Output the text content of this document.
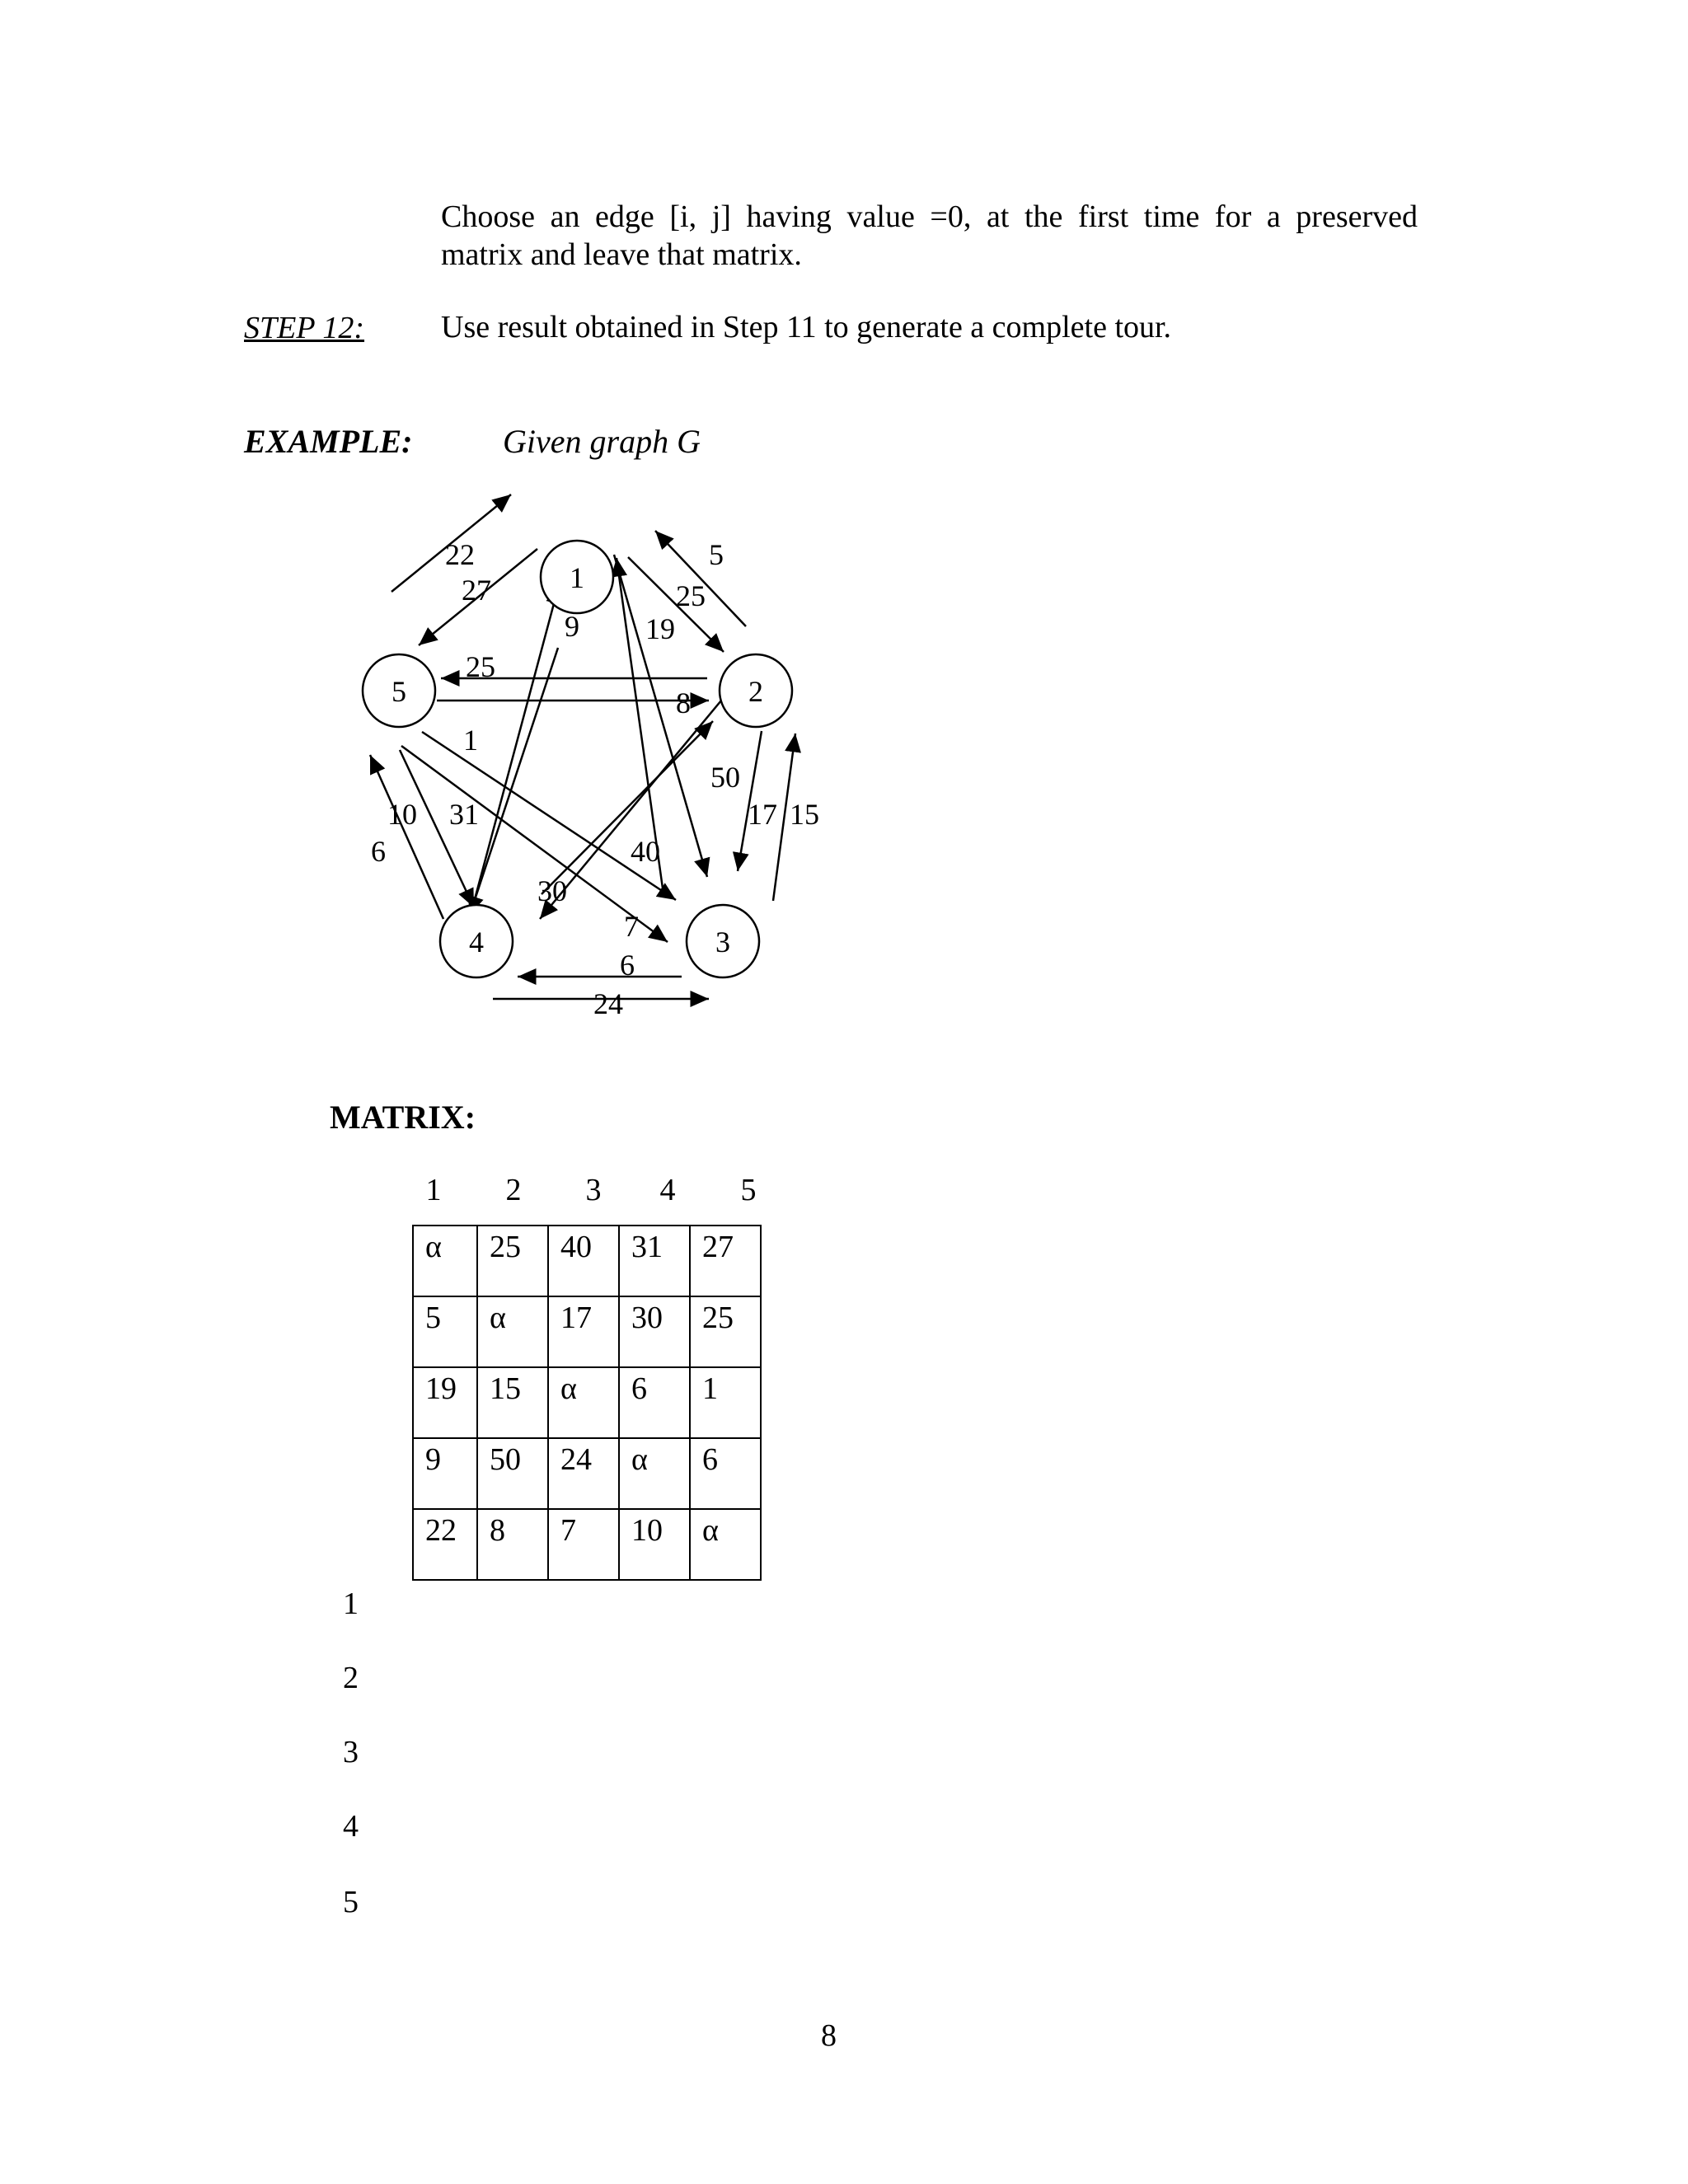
Choose an edge [i, j] having value =0, at the first time for a preserved
matrix and leave that matrix.
STEP 12: Use result obtained in Step 11 to generate a complete tour.
EXAMPLE:	Given graph G
1
2
3
4
5
22
27
5
25
9 19
25
8
1
50
17 15
10 31
6	40
30
7
6
24
MATRIX:
1 2 3 4 5
α	25	40	31	27
5	α	17	30	25
19	15	α	6	1
9	50	24	α	6
22	8	7	10	α
1
2
3
4
5
8
